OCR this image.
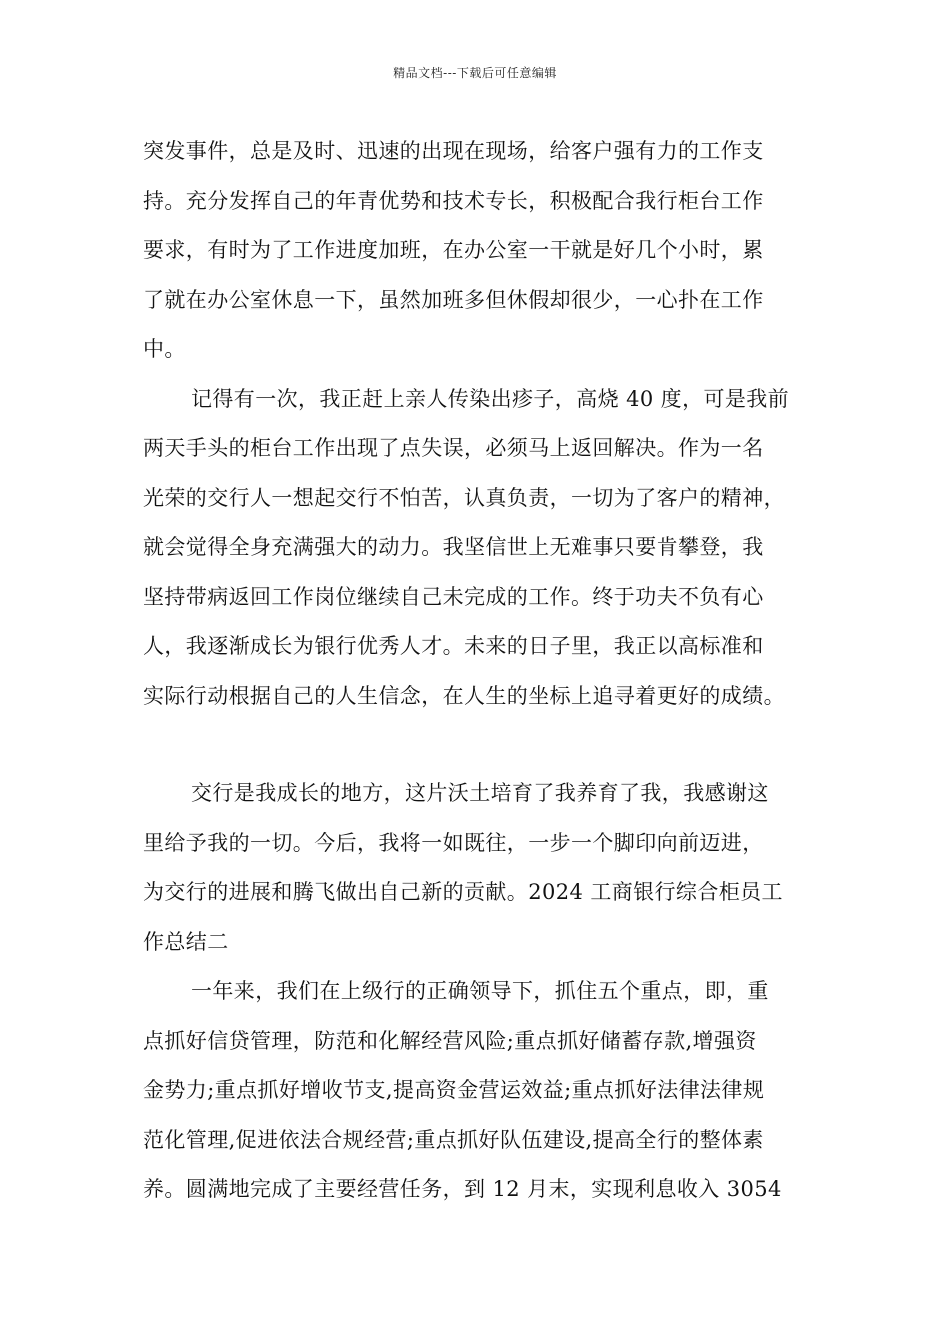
精品文档---下载后可任意编辑
突发事件，总是及时、迅速的出现在现场，给客户强有力的工作支
持。充分发挥自己的年青优势和技术专长，积极配合我行柜台工作
要求，有时为了工作进度加班，在办公室一干就是好几个小时，累
了就在办公室休息一下，虽然加班多但休假却很少，一心扑在工作
中。
记得有一次，我正赶上亲人传染出疹子，高烧 40 度，可是我前
两天手头的柜台工作出现了点失误，必须马上返回解决。作为一名
光荣的交行人一想起交行不怕苦，认真负责，一切为了客户的精神，
就会觉得全身充满强大的动力。我坚信世上无难事只要肯攀登，我
坚持带病返回工作岗位继续自己未完成的工作。终于功夫不负有心
人，我逐渐成长为银行优秀人才。未来的日子里，我正以高标准和
实际行动根据自己的人生信念，在人生的坐标上追寻着更好的成绩。
交行是我成长的地方，这片沃土培育了我养育了我，我感谢这
里给予我的一切。今后，我将一如既往，一步一个脚印向前迈进，
为交行的进展和腾飞做出自己新的贡献。2024 工商银行综合柜员工
作总结二
一年来，我们在上级行的正确领导下，抓住五个重点，即，重
点抓好信贷管理，防范和化解经营风险;重点抓好储蓄存款,增强资
金势力;重点抓好增收节支,提高资金营运效益;重点抓好法律法律规
范化管理,促进依法合规经营;重点抓好队伍建设,提高全行的整体素
养。圆满地完成了主要经营任务，到 12 月末，实现利息收入 3054
